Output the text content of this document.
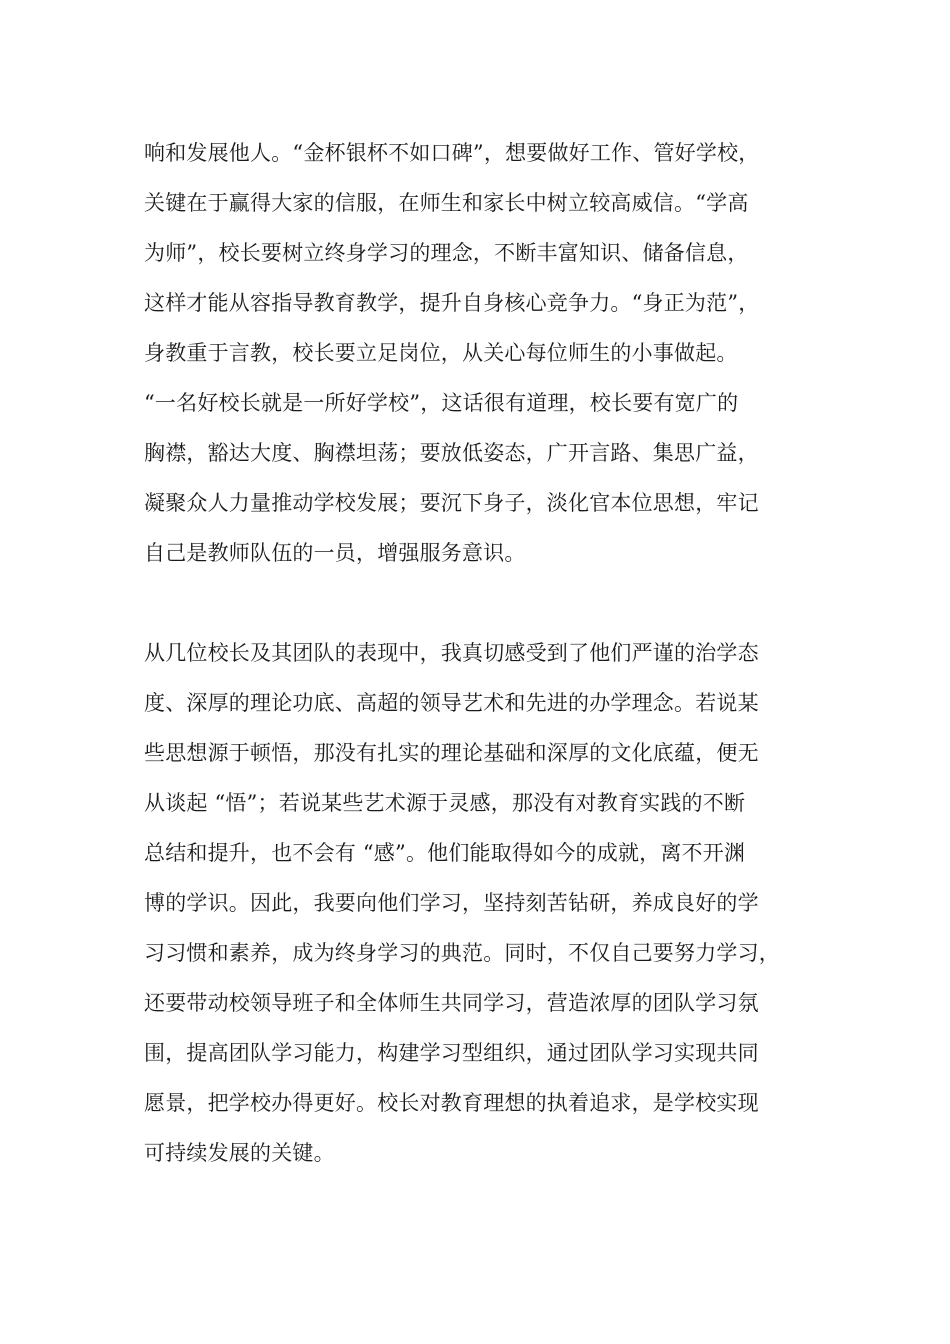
响和发展他人。“金杯银杯不如口碑”，想要做好工作、管好学校，
关键在于赢得大家的信服，在师生和家长中树立较高威信。“学高
为师”，校长要树立终身学习的理念，不断丰富知识、储备信息，
这样才能从容指导教育教学，提升自身核心竞争力。“身正为范”，
身教重于言教，校长要立足岗位，从关心每位师生的小事做起。
“一名好校长就是一所好学校”，这话很有道理，校长要有宽广的
胸襟，豁达大度、胸襟坦荡；要放低姿态，广开言路、集思广益，
凝聚众人力量推动学校发展；要沉下身子，淡化官本位思想，牢记
自己是教师队伍的一员，增强服务意识。
从几位校长及其团队的表现中，我真切感受到了他们严谨的治学态
度、深厚的理论功底、高超的领导艺术和先进的办学理念。若说某
些思想源于顿悟，那没有扎实的理论基础和深厚的文化底蕴，便无
从谈起 “悟”；若说某些艺术源于灵感，那没有对教育实践的不断
总结和提升，也不会有 “感”。他们能取得如今的成就，离不开渊
博的学识。因此，我要向他们学习，坚持刻苦钻研，养成良好的学
习习惯和素养，成为终身学习的典范。同时，不仅自己要努力学习，
还要带动校领导班子和全体师生共同学习，营造浓厚的团队学习氛
围，提高团队学习能力，构建学习型组织，通过团队学习实现共同
愿景，把学校办得更好。校长对教育理想的执着追求，是学校实现
可持续发展的关键。
